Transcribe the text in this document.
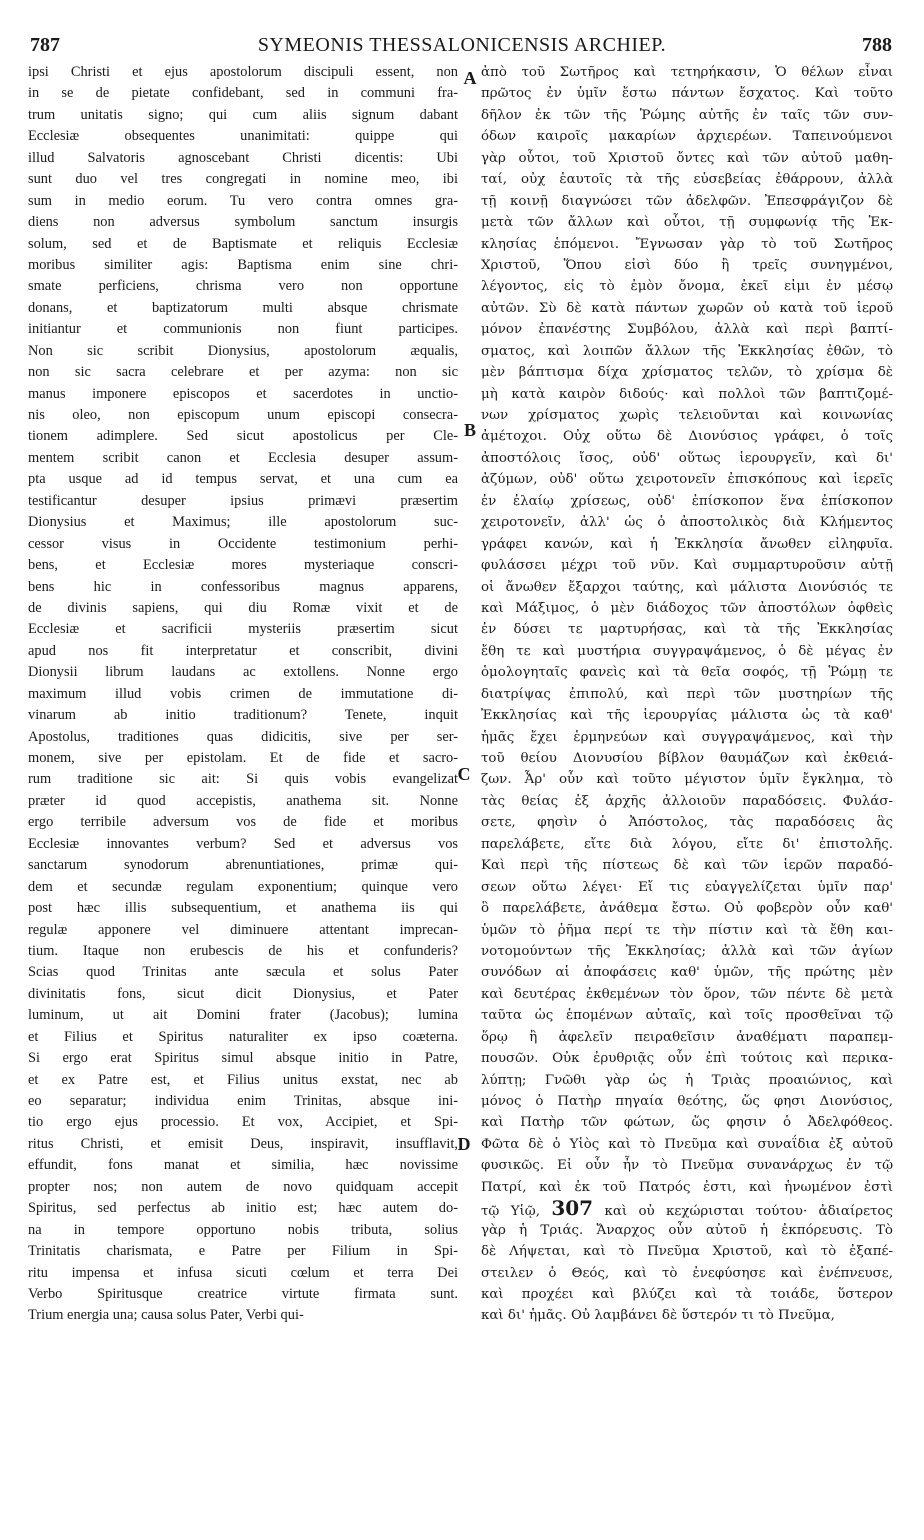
787	SYMEONIS THESSALONICENSIS ARCHIEP.	788
ipsi Christi et ejus apostolorum discipuli essent, non
in se de pietate confidebant, sed in communi fra-
trum unitatis signo; qui cum aliis signum dabant
Ecclesiæ obsequentes unanimitati: quippe qui
illud Salvatoris agnoscebant Christi dicentis: Ubi
sunt duo vel tres congregati in nomine meo, ibi
sum in medio eorum. Tu vero contra omnes gra-
diens non adversus symbolum sanctum insurgis
solum, sed et de Baptismate et reliquis Ecclesiæ
moribus similiter agis: Baptisma enim sine chri-
smate perficiens, chrisma vero non opportune
donans, et baptizatorum multi absque chrismate
initiantur et communionis non fiunt participes.
Non sic scribit Dionysius, apostolorum æqualis,
non sic sacra celebrare et per azyma: non sic
manus imponere episcopos et sacerdotes in unctio-
nis oleo, non episcopum unum episcopi consecra-
tionem adimplere. Sed sicut apostolicus per Cle-
mentem scribit canon et Ecclesia desuper assum-
pta usque ad id tempus servat, et una cum ea
testificantur desuper ipsius primævi præsertim
Dionysius et Maximus; ille apostolorum suc-
cessor visus in Occidente testimonium perhi-
bens, et Ecclesiæ mores mysteriaque conscri-
bens hic in confessoribus magnus apparens,
de divinis sapiens, qui diu Romæ vixit et de
Ecclesiæ et sacrificii mysteriis præsertim sicut
apud nos fit interpretatur et conscribit, divini
Dionysii librum laudans ac extollens. Nonne ergo
maximum illud vobis crimen de immutatione di-
vinarum ab initio traditionum? Tenete, inquit
Apostolus, traditiones quas didicitis, sive per ser-
monem, sive per epistolam. Et de fide et sacro-
rum traditione sic ait: Si quis vobis evangelizat
præter id quod accepistis, anathema sit. Nonne
ergo terribile adversum vos de fide et moribus
Ecclesiæ innovantes verbum? Sed et adversus vos
sanctarum synodorum abrenuntiationes, primæ qui-
dem et secundæ regulam exponentium; quinque vero
post hæc illis subsequentium, et anathema iis qui
regulæ apponere vel diminuere attentant imprecan-
tium. Itaque non erubescis de his et confunderis?
Scias quod Trinitas ante sæcula et solus Pater
divinitatis fons, sicut dicit Dionysius, et Pater
luminum, ut ait Domini frater (Jacobus); lumina
et Filius et Spiritus naturaliter ex ipso coæterna.
Si ergo erat Spiritus simul absque initio in Patre,
et ex Patre est, et Filius unitus exstat, nec ab
eo separatur; individua enim Trinitas, absque ini-
tio ergo ejus processio. Et vox, Accipiet, et Spi-
ritus Christi, et emisit Deus, inspiravit, insufflavit,
effundit, fons manat et similia, hæc novissime
propter nos; non autem de novo quidquam accepit
Spiritus, sed perfectus ab initio est; hæc autem do-
na in tempore opportuno nobis tributa, solius
Trinitatis charismata, e Patre per Filium in Spi-
ritu impensa et infusa sicuti cœlum et terra Dei
Verbo Spiritusque creatrice virtute firmata sunt.
Trium energia una; causa solus Pater, Verbi qui-
ἀπὸ τοῦ Σωτῆρος καὶ τετηρήκασιν, Ὁ θέλων εἶναι
πρῶτος ἐν ὑμῖν ἔστω πάντων ἔσχατος. Καὶ τοῦτο
δῆλον ἐκ τῶν τῆς Ῥώμης αὐτῆς ἐν ταῖς τῶν συν-
όδων καιροῖς μακαρίων ἀρχιερέων. Ταπεινούμενοι
γὰρ οὗτοι, τοῦ Χριστοῦ ὄντες καὶ τῶν αὐτοῦ μαθη-
ταί, οὐχ ἑαυτοῖς τὰ τῆς εὐσεβείας ἐθάρρουν, ἀλλὰ
τῇ κοινῇ διαγνώσει τῶν ἀδελφῶν. Ἐπεσφράγιζον δὲ
μετὰ τῶν ἄλλων καὶ οὗτοι, τῇ συμφωνίᾳ τῆς Ἐκ-
κλησίας ἑπόμενοι. Ἔγνωσαν γὰρ τὸ τοῦ Σωτῆρος
Χριστοῦ, Ὅπου εἰσὶ δύο ἢ τρεῖς συνηγμένοι,
λέγοντος, εἰς τὸ ἐμὸν ὄνομα, ἐκεῖ εἰμι ἐν μέσῳ
αὐτῶν. Σὺ δὲ κατὰ πάντων χωρῶν οὐ κατὰ τοῦ ἱεροῦ
μόνον ἐπανέστης Συμβόλου, ἀλλὰ καὶ περὶ βαπτί-
σματος, καὶ λοιπῶν ἄλλων τῆς Ἐκκλησίας ἐθῶν, τὸ
μὲν βάπτισμα δίχα χρίσματος τελῶν, τὸ χρίσμα δὲ
μὴ κατὰ καιρὸν διδούς· καὶ πολλοὶ τῶν βαπτιζομέ-
νων χρίσματος χωρὶς τελειοῦνται καὶ κοινωνίας
ἀμέτοχοι. Οὐχ οὕτω δὲ Διονύσιος γράφει, ὁ τοῖς
ἀποστόλοις ἴσος, οὐδ' οὕτως ἱερουργεῖν, καὶ δι'
ἀζύμων, οὐδ' οὕτω χειροτονεῖν ἐπισκόπους καὶ ἱερεῖς
ἐν ἐλαίῳ χρίσεως, οὐδ' ἐπίσκοπον ἕνα ἐπίσκοπον
χειροτονεῖν, ἀλλ' ὡς ὁ ἀποστολικὸς διὰ Κλήμεντος
γράφει κανών, καὶ ἡ Ἐκκλησία ἄνωθεν εἰληφυῖα.
φυλάσσει μέχρι τοῦ νῦν. Καὶ συμμαρτυροῦσιν αὐτῇ
οἱ ἄνωθεν ἔξαρχοι ταύτης, καὶ μάλιστα Διονύσιός τε
καὶ Μάξιμος, ὁ μὲν διάδοχος τῶν ἀποστόλων ὀφθεὶς
ἐν δύσει τε μαρτυρήσας, καὶ τὰ τῆς Ἐκκλησίας
ἔθη τε καὶ μυστήρια συγγραψάμενος, ὁ δὲ μέγας ἐν
ὁμολογηταῖς φανεὶς καὶ τὰ θεῖα σοφός, τῇ Ῥώμῃ τε
διατρίψας ἐπιπολύ, καὶ περὶ τῶν μυστηρίων τῆς
Ἐκκλησίας καὶ τῆς ἱερουργίας μάλιστα ὡς τὰ καθ'
ἡμᾶς ἔχει ἑρμηνεύων καὶ συγγραψάμενος, καὶ τὴν
τοῦ θείου Διονυσίου βίβλον θαυμάζων καὶ ἐκθειά-
ζων. Ἆρ' οὖν καὶ τοῦτο μέγιστον ὑμῖν ἔγκλημα, τὸ
τὰς θείας ἐξ ἀρχῆς ἀλλοιοῦν παραδόσεις. Φυλάσ-
σετε, φησὶν ὁ Ἀπόστολος, τὰς παραδόσεις ἃς
παρελάβετε, εἴτε διὰ λόγου, εἴτε δι' ἐπιστολῆς.
Καὶ περὶ τῆς πίστεως δὲ καὶ τῶν ἱερῶν παραδό-
σεων οὕτω λέγει· Εἴ τις εὐαγγελίζεται ὑμῖν παρ'
ὃ παρελάβετε, ἀνάθεμα ἔστω. Οὐ φοβερὸν οὖν καθ'
ὑμῶν τὸ ῥῆμα περί τε τὴν πίστιν καὶ τὰ ἔθη και-
νοτομούντων τῆς Ἐκκλησίας; ἀλλὰ καὶ τῶν ἁγίων
συνόδων αἱ ἀποφάσεις καθ' ὑμῶν, τῆς πρώτης μὲν
καὶ δευτέρας ἐκθεμένων τὸν ὅρον, τῶν πέντε δὲ μετὰ
ταῦτα ὡς ἑπομένων αὐταῖς, καὶ τοῖς προσθεῖναι τῷ
ὅρῳ ἢ ἀφελεῖν πειραθεῖσιν ἀναθέματι παραπεμ-
πουσῶν. Οὐκ ἐρυθριᾷς οὖν ἐπὶ τούτοις καὶ περικα-
λύπτῃ; Γνῶθι γὰρ ὡς ἡ Τριὰς προαιώνιος, καὶ
μόνος ὁ Πατὴρ πηγαία θεότης, ὥς φησι Διονύσιος,
καὶ Πατὴρ τῶν φώτων, ὥς φησιν ὁ Ἀδελφόθεος.
Φῶτα δὲ ὁ Υἱὸς καὶ τὸ Πνεῦμα καὶ συναΐδια ἐξ αὐτοῦ
φυσικῶς. Εἰ οὖν ἦν τὸ Πνεῦμα συνανάρχως ἐν τῷ
Πατρί, καὶ ἐκ τοῦ Πατρός ἐστι, καὶ ἡνωμένον ἐστὶ
τῷ Υἱῷ, 307 καὶ οὐ κεχώρισται τούτου· ἀδιαίρετος
γὰρ ἡ Τριάς. Ἄναρχος οὖν αὐτοῦ ἡ ἐκπόρευσις. Τὸ
δὲ Λήψεται, καὶ τὸ Πνεῦμα Χριστοῦ, καὶ τὸ ἐξαπέ-
στειλεν ὁ Θεός, καὶ τὸ ἐνεφύσησε καὶ ἐνέπνευσε,
καὶ προχέει καὶ βλύζει καὶ τὰ τοιάδε, ὕστερον
καὶ δι' ἡμᾶς. Οὐ λαμβάνει δὲ ὕστερόν τι τὸ Πνεῦμα,
A
B
C
D
